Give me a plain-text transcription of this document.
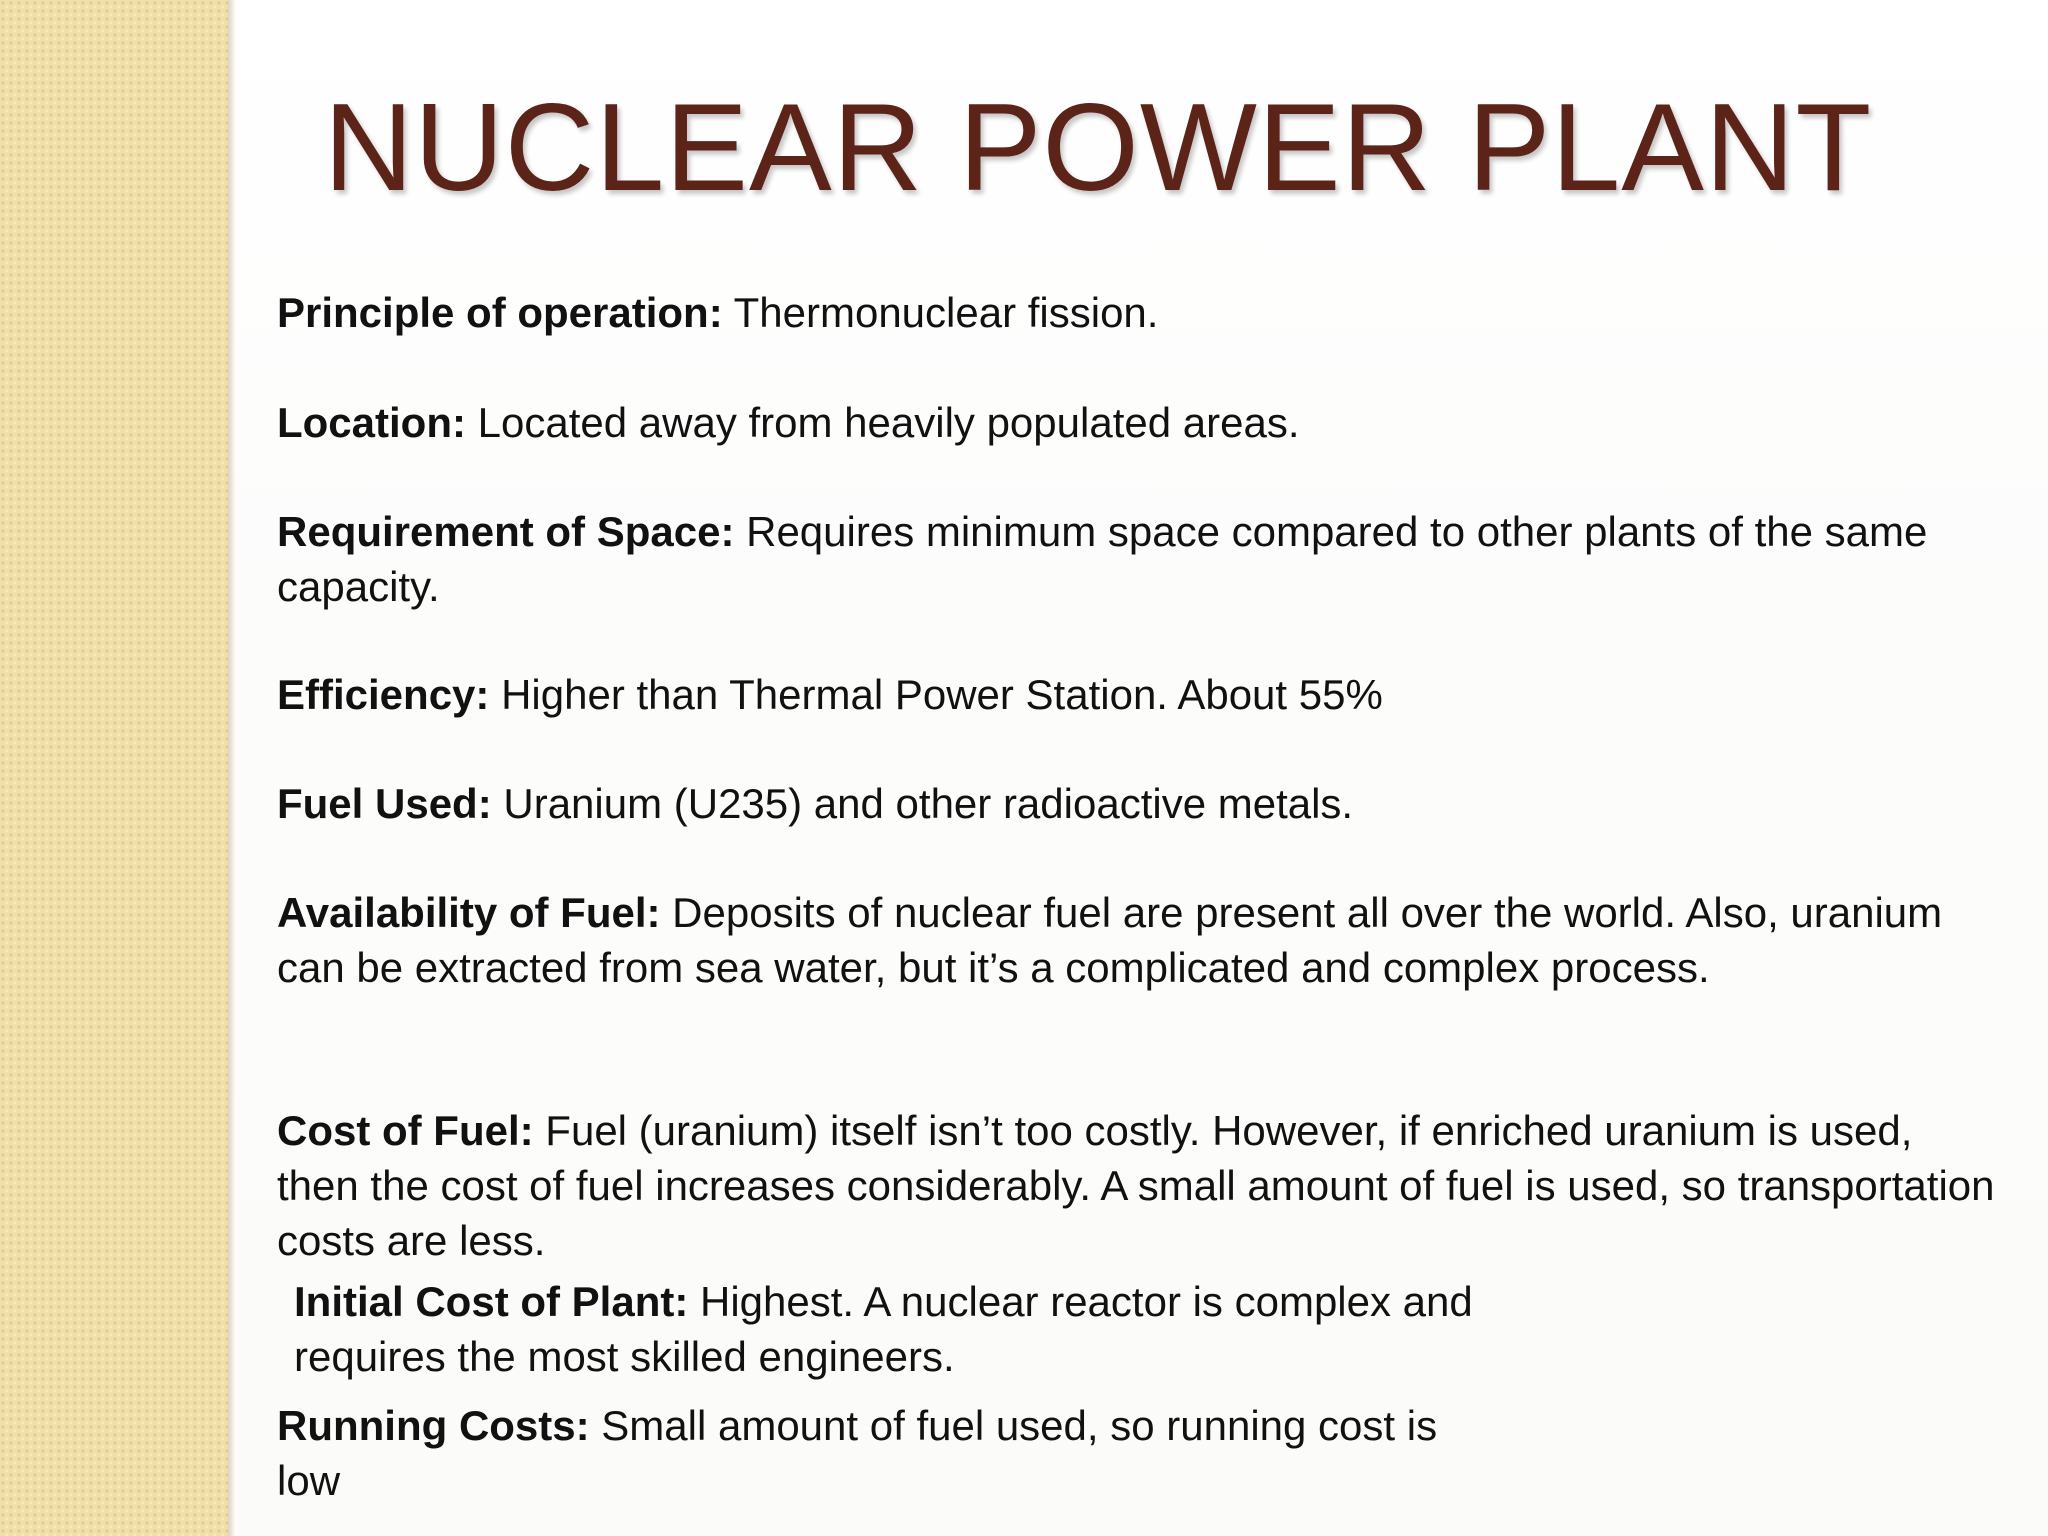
NUCLEAR POWER PLANT

Principle of operation: Thermonuclear fission.

Location: Located away from heavily populated areas.

Requirement of Space: Requires minimum space compared to other plants of the same capacity.

Efficiency: Higher than Thermal Power Station. About 55%

Fuel Used: Uranium (U235) and other radioactive metals.

Availability of Fuel: Deposits of nuclear fuel are present all over the world. Also, uranium can be extracted from sea water, but it’s a complicated and complex process.

Cost of Fuel: Fuel (uranium) itself isn’t too costly. However, if enriched uranium is used, then the cost of fuel increases considerably. A small amount of fuel is used, so transportation costs are less.

Initial Cost of Plant: Highest. A nuclear reactor is complex and requires the most skilled engineers.

Running Costs: Small amount of fuel used, so running cost is low
